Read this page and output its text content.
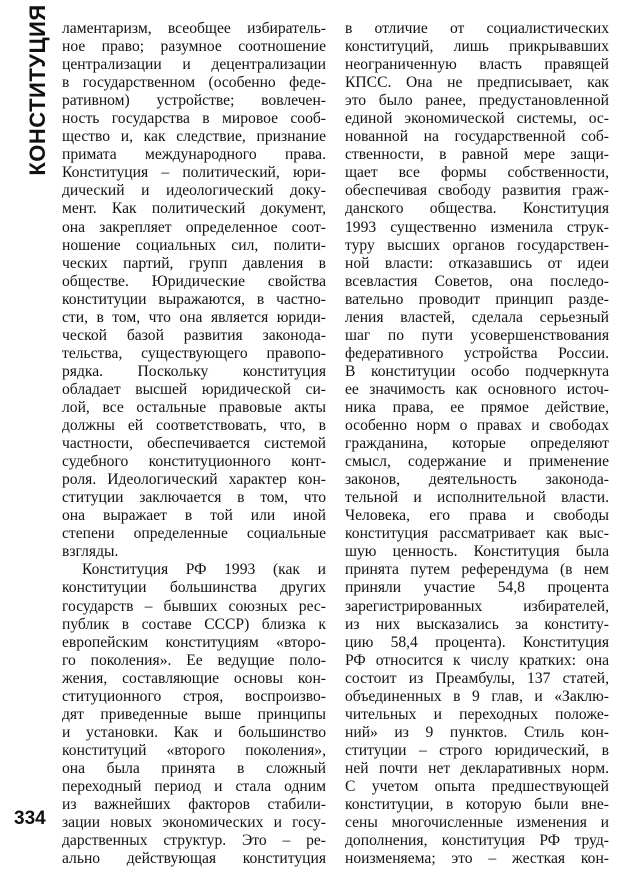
КОНСТИТУЦИЯ
334
ламентаризм, всеобщее избиратель-
ное право; разумное соотношение
централизации и децентрализации
в государственном (особенно феде-
ративном) устройстве; вовлечен-
ность государства в мировое сооб-
щество и, как следствие, признание
примата международного права.
Конституция – политический, юри-
дический и идеологический доку-
мент. Как политический документ,
она закрепляет определенное соот-
ношение социальных сил, полити-
ческих партий, групп давления в
обществе. Юридические свойства
конституции выражаются, в частно-
сти, в том, что она является юриди-
ческой базой развития законода-
тельства, существующего правопо-
рядка. Поскольку конституция
обладает высшей юридической си-
лой, все остальные правовые акты
должны ей соответствовать, что, в
частности, обеспечивается системой
судебного конституционного конт-
роля. Идеологический характер кон-
ституции заключается в том, что
она выражает в той или иной
степени определенные социальные
взгляды.
Конституция РФ 1993 (как и
конституции большинства других
государств – бывших союзных рес-
публик в составе СССР) близка к
европейским конституциям «второ-
го поколения». Ее ведущие поло-
жения, составляющие основы кон-
ституционного строя, воспроизво-
дят приведенные выше принципы
и установки. Как и большинство
конституций «второго поколения»,
она была принята в сложный
переходный период и стала одним
из важнейших факторов стабили-
зации новых экономических и госу-
дарственных структур. Это – ре-
ально действующая конституция
в отличие от социалистических
конституций, лишь прикрывавших
неограниченную власть правящей
КПСС. Она не предписывает, как
это было ранее, предустановленной
единой экономической системы, ос-
нованной на государственной соб-
ственности, в равной мере защи-
щает все формы собственности,
обеспечивая свободу развития граж-
данского общества. Конституция
1993 существенно изменила струк-
туру высших органов государствен-
ной власти: отказавшись от идеи
всевластия Советов, она последо-
вательно проводит принцип разде-
ления властей, сделала серьезный
шаг по пути усовершенствования
федеративного устройства России.
В конституции особо подчеркнута
ее значимость как основного источ-
ника права, ее прямое действие,
особенно норм о правах и свободах
гражданина, которые определяют
смысл, содержание и применение
законов, деятельность законода-
тельной и исполнительной власти.
Человека, его права и свободы
конституция рассматривает как выс-
шую ценность. Конституция была
принята путем референдума (в нем
приняли участие 54,8 процента
зарегистрированных избирателей,
из них высказались за конститу-
цию 58,4 процента). Конституция
РФ относится к числу кратких: она
состоит из Преамбулы, 137 статей,
объединенных в 9 глав, и «Заклю-
чительных и переходных положе-
ний» из 9 пунктов. Стиль кон-
ституции – строго юридический, в
ней почти нет декларативных норм.
С учетом опыта предшествующей
конституции, в которую были вне-
сены многочисленные изменения и
дополнения, конституция РФ труд-
ноизменяема; это – жесткая кон-
